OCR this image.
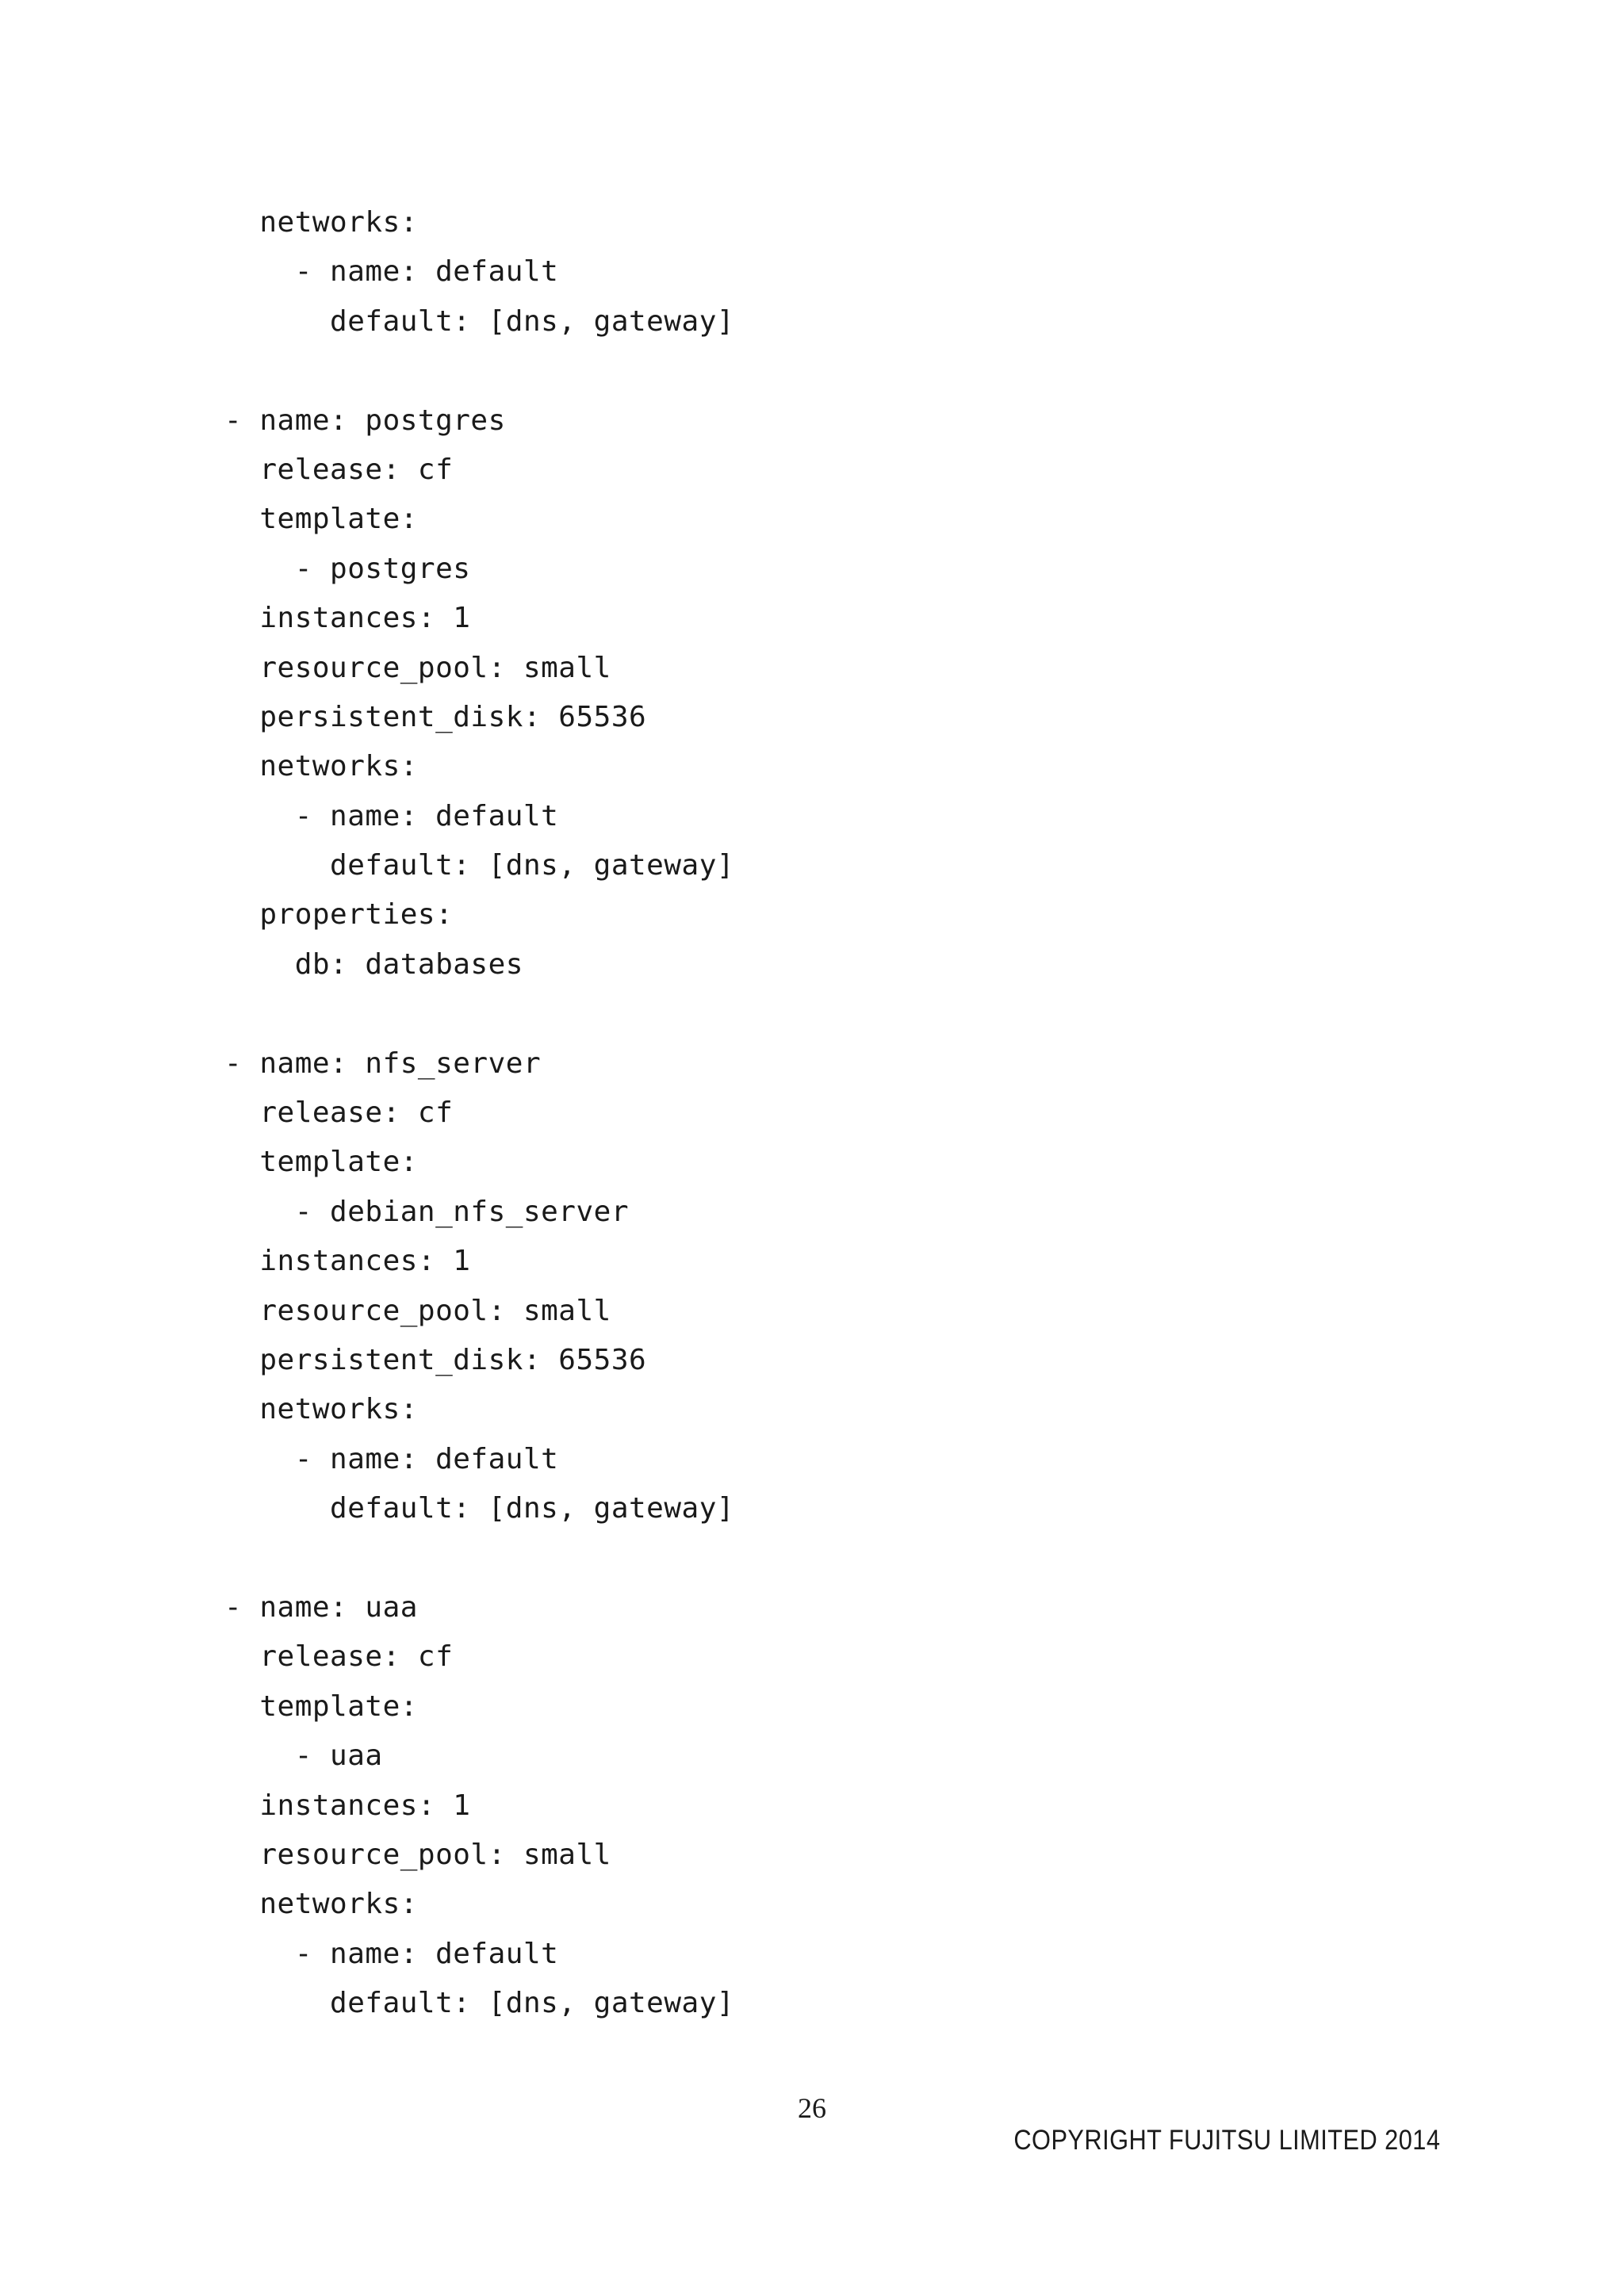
networks:
- name: default
default: [dns, gateway]
- name: postgres
release: cf
template:
- postgres
instances: 1
resource_pool: small
persistent_disk: 65536
networks:
- name: default
default: [dns, gateway]
properties:
db: databases
- name: nfs_server
release: cf
template:
- debian_nfs_server
instances: 1
resource_pool: small
persistent_disk: 65536
networks:
- name: default
default: [dns, gateway]
- name: uaa
release: cf
template:
- uaa
instances: 1
resource_pool: small
networks:
- name: default
default: [dns, gateway]
26
COPYRIGHT FUJITSU LIMITED 2014
